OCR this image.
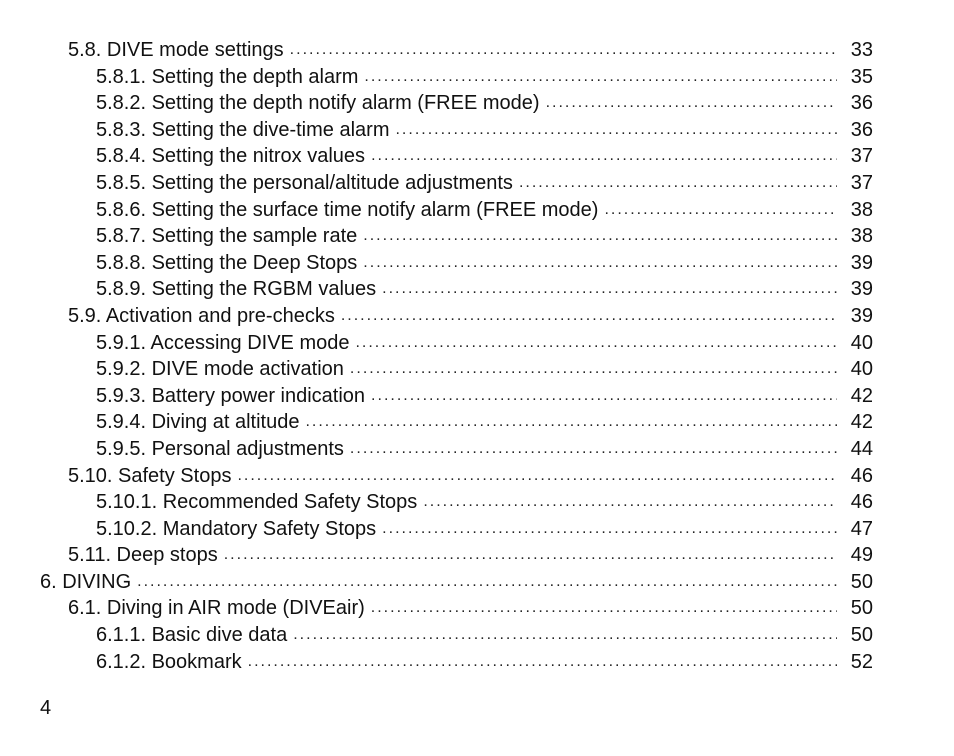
5.8. DIVE mode settings .....	33
5.8.1. Setting the depth alarm .....	35
5.8.2. Setting the depth notify alarm (FREE mode) .....	36
5.8.3. Setting the dive-time alarm .....	36
5.8.4. Setting the nitrox values .....	37
5.8.5. Setting the personal/altitude adjustments .....	37
5.8.6. Setting the surface time notify alarm (FREE mode) .....	38
5.8.7. Setting the sample rate .....	38
5.8.8. Setting the Deep Stops .....	39
5.8.9. Setting the RGBM values .....	39
5.9. Activation and pre-checks .....	39
5.9.1. Accessing DIVE mode .....	40
5.9.2. DIVE mode activation .....	40
5.9.3. Battery power indication .....	42
5.9.4. Diving at altitude .....	42
5.9.5. Personal adjustments .....	44
5.10. Safety Stops .....	46
5.10.1. Recommended Safety Stops .....	46
5.10.2. Mandatory Safety Stops .....	47
5.11. Deep stops .....	49
6. DIVING .....	50
6.1. Diving in AIR mode (DIVEair) .....	50
6.1.1. Basic dive data .....	50
6.1.2. Bookmark .....	52
4
